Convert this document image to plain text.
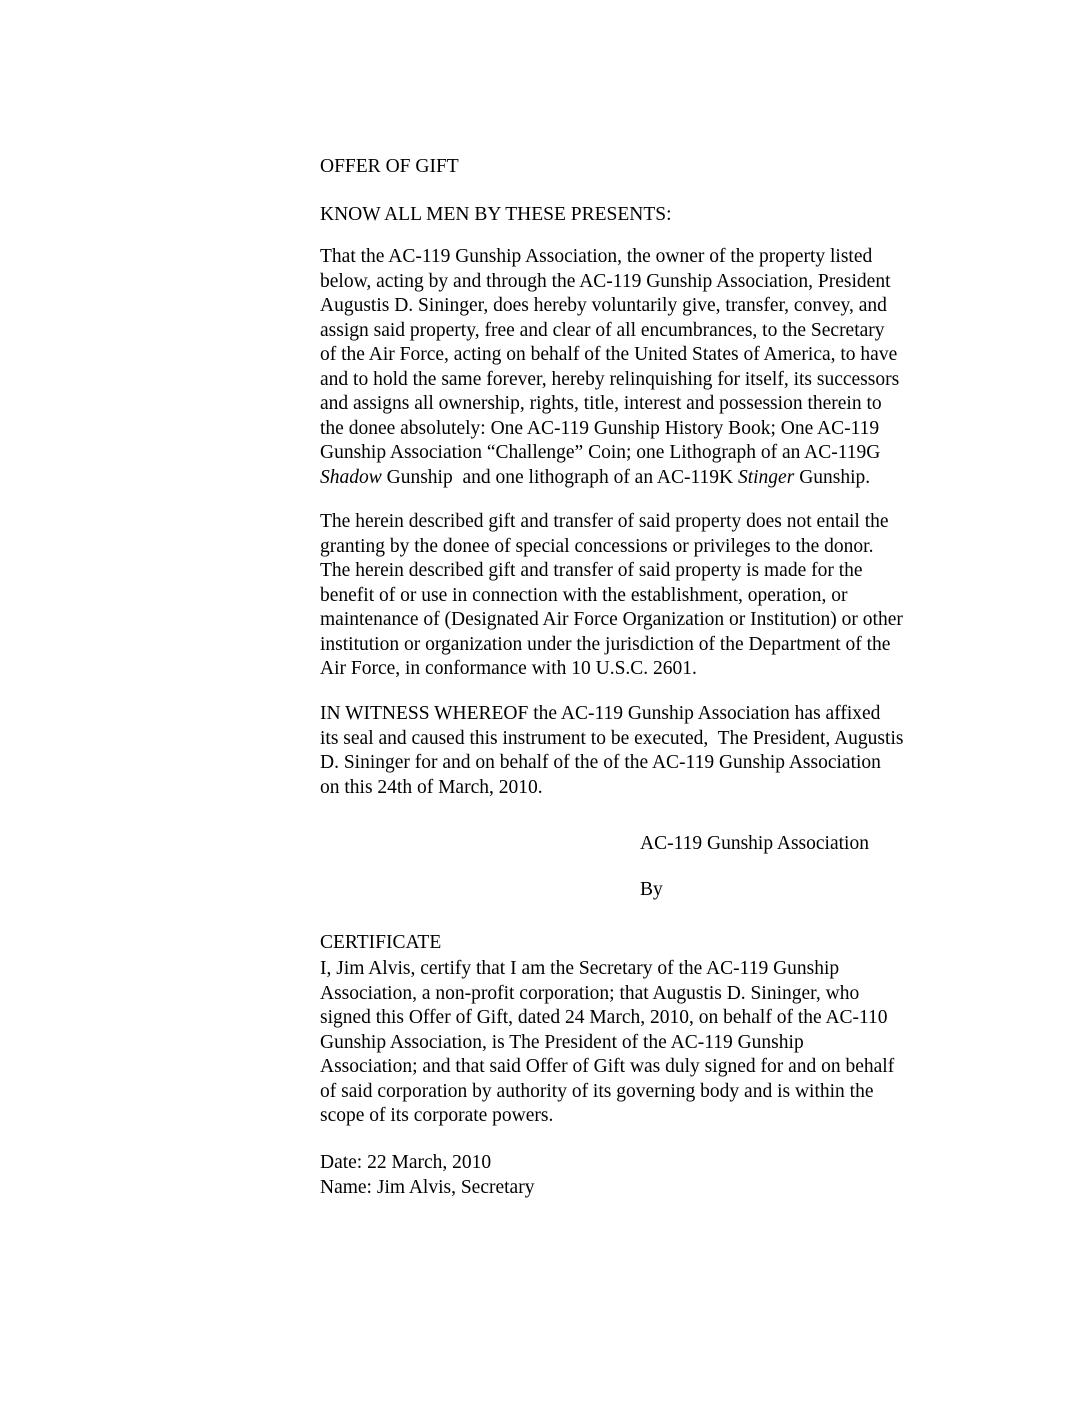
OFFER OF GIFT
KNOW ALL MEN BY THESE PRESENTS:
That the AC-119 Gunship Association, the owner of the property listed
below, acting by and through the AC-119 Gunship Association, President
Augustis D. Sininger, does hereby voluntarily give, transfer, convey, and
assign said property, free and clear of all encumbrances, to the Secretary
of the Air Force, acting on behalf of the United States of America, to have
and to hold the same forever, hereby relinquishing for itself, its successors
and assigns all ownership, rights, title, interest and possession therein to
the donee absolutely: One AC-119 Gunship History Book; One AC-119
Gunship Association “Challenge” Coin; one Lithograph of an AC-119G
Shadow Gunship  and one lithograph of an AC-119K Stinger Gunship.
The herein described gift and transfer of said property does not entail the
granting by the donee of special concessions or privileges to the donor.
The herein described gift and transfer of said property is made for the
benefit of or use in connection with the establishment, operation, or
maintenance of (Designated Air Force Organization or Institution) or other
institution or organization under the jurisdiction of the Department of the
Air Force, in conformance with 10 U.S.C. 2601.
IN WITNESS WHEREOF the AC-119 Gunship Association has affixed
its seal and caused this instrument to be executed,  The President, Augustis
D. Sininger for and on behalf of the of the AC-119 Gunship Association
on this 24th of March, 2010.
AC-119 Gunship Association
By
CERTIFICATE
I, Jim Alvis, certify that I am the Secretary of the AC-119 Gunship
Association, a non-profit corporation; that Augustis D. Sininger, who
signed this Offer of Gift, dated 24 March, 2010, on behalf of the AC-110
Gunship Association, is The President of the AC-119 Gunship
Association; and that said Offer of Gift was duly signed for and on behalf
of said corporation by authority of its governing body and is within the
scope of its corporate powers.
Date: 22 March, 2010
Name: Jim Alvis, Secretary
